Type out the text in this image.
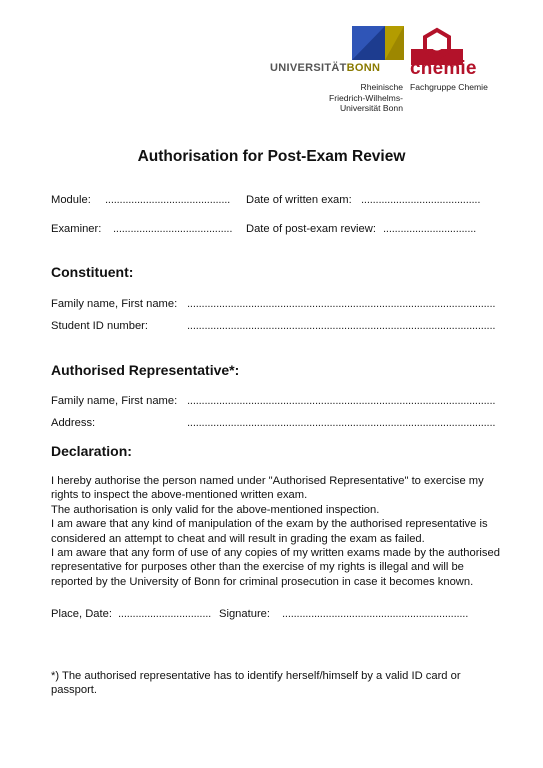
UNIVERSITÄTBONN
Rheinische
Friedrich-Wilhelms-
Universität Bonn
chemie
Fachgruppe Chemie
Authorisation for Post-Exam Review
Module: ........................................... Date of written exam: .........................................
Examiner: ......................................... Date of post-exam review: ................................
Constituent:
Family name, First name: ..........................................................................................................
Student ID number:	..........................................................................................................
Authorised Representative*:
Family name, First name: ..........................................................................................................
Address:	..........................................................................................................
Declaration:

I hereby authorise the person named under "Authorised Representative" to exercise my rights to inspect the above-mentioned written exam.

The authorisation is only valid for the above-mentioned inspection.

I am aware that any kind of manipulation of the exam by the authorised representative is considered an attempt to cheat and will result in grading the exam as failed.

I am aware that any form of use of any copies of my written exams made by the authorised representative for purposes other than the exercise of my rights is illegal and will be reported by the University of Bonn for criminal prosecution in case it becomes known.

Place, Date: ................................ Signature: ................................................................
*) The authorised representative has to identify herself/himself by a valid ID card or passport.
